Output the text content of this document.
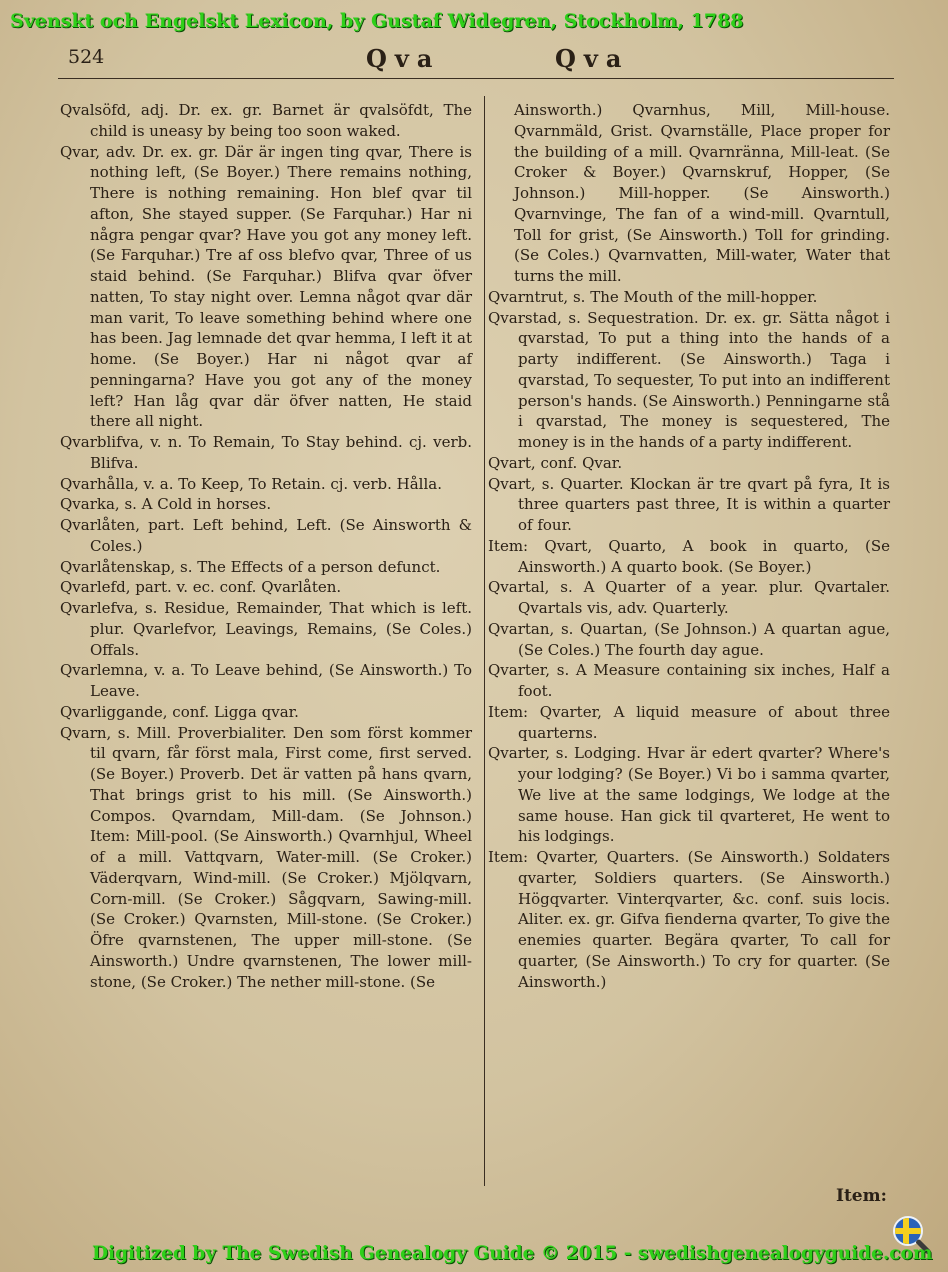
Svenskt och Engelskt Lexicon, by Gustaf Widegren, Stockholm, 1788
524	Qva	Qva

Qvalsöfd, adj. Dr. ex. gr. Barnet är qvalsöfdt, The child is uneasy by being too soon waked.

Qvar, adv. Dr. ex. gr. Där är ingen ting qvar, There is nothing left, (Se Boyer.) There remains nothing, There is nothing remaining. Hon blef qvar til afton, She stayed supper. (Se Farquhar.) Har ni några pengar qvar? Have you got any money left. (Se Farquhar.) Tre af oss blefvo qvar, Three of us staid behind. (Se Farquhar.) Blifva qvar öfver natten, To stay night over. Lemna något qvar där man varit, To leave something behind where one has been. Jag lemnade det qvar hemma, I left it at home. (Se Boyer.) Har ni något qvar af penningarna? Have you got any of the money left? Han låg qvar där öfver natten, He staid there all night.

Qvarblifva, v. n. To Remain, To Stay behind. cj. verb. Blifva.

Qvarhålla, v. a. To Keep, To Retain. cj. verb. Hålla.

Qvarka, s. A Cold in horses.

Qvarlåten, part. Left behind, Left. (Se Ainsworth & Coles.)

Qvarlåtenskap, s. The Effects of a person defunct.

Qvarlefd, part. v. ec. conf. Qvarlåten.

Qvarlefva, s. Residue, Remainder, That which is left. plur. Qvarlefvor, Leavings, Remains, (Se Coles.) Offals.

Qvarlemna, v. a. To Leave behind, (Se Ainsworth.) To Leave.

Qvarliggande, conf. Ligga qvar.

Qvarn, s. Mill. Proverbialiter. Den som först kommer til qvarn, får först mala, First come, first served. (Se Boyer.) Proverb. Det är vatten på hans qvarn, That brings grist to his mill. (Se Ainsworth.) Compos. Qvarndam, Mill-dam. (Se Johnson.) Item: Mill-pool. (Se Ainsworth.) Qvarnhjul, Wheel of a mill. Vattqvarn, Water-mill. (Se Croker.) Väderqvarn, Wind-mill. (Se Croker.) Mjölqvarn, Corn-mill. (Se Croker.) Sågqvarn, Sawing-mill. (Se Croker.) Qvarnsten, Mill-stone. (Se Croker.) Öfre qvarnstenen, The upper mill-stone. (Se Ainsworth.) Undre qvarnstenen, The lower mill-stone, (Se Croker.) The nether mill-stone. (Se

Ainsworth.) Qvarnhus, Mill, Mill-house. Qvarnmäld, Grist. Qvarnställe, Place proper for the building of a mill. Qvarnränna, Mill-leat. (Se Croker & Boyer.) Qvarnskruf, Hopper, (Se Johnson.) Mill-hopper. (Se Ainsworth.) Qvarnvinge, The fan of a wind-mill. Qvarntull, Toll for grist, (Se Ainsworth.) Toll for grinding. (Se Coles.) Qvarnvatten, Mill-water, Water that turns the mill.

Qvarntrut, s. The Mouth of the mill-hopper.

Qvarstad, s. Sequestration. Dr. ex. gr. Sätta något i qvarstad, To put a thing into the hands of a party indifferent. (Se Ainsworth.) Taga i qvarstad, To sequester, To put into an indifferent person's hands. (Se Ainsworth.) Penningarne stå i qvarstad, The money is sequestered, The money is in the hands of a party indifferent.

Qvart, conf. Qvar.

Qvart, s. Quarter. Klockan är tre qvart på fyra, It is three quarters past three, It is within a quarter of four.

Item: Qvart, Quarto, A book in quarto, (Se Ainsworth.) A quarto book. (Se Boyer.)

Qvartal, s. A Quarter of a year. plur. Qvartaler. Qvartals vis, adv. Quarterly.

Qvartan, s. Quartan, (Se Johnson.) A quartan ague, (Se Coles.) The fourth day ague.

Qvarter, s. A Measure containing six inches, Half a foot.

Item: Qvarter, A liquid measure of about three quarterns.

Qvarter, s. Lodging. Hvar är edert qvarter? Where's your lodging? (Se Boyer.) Vi bo i samma qvarter, We live at the same lodgings, We lodge at the same house. Han gick til qvarteret, He went to his lodgings.

Item: Qvarter, Quarters. (Se Ainsworth.) Soldaters qvarter, Soldiers quarters. (Se Ainsworth.) Högqvarter. Vinterqvarter, &c. conf. suis locis. Aliter. ex. gr. Gifva fienderna qvarter, To give the enemies quarter. Begära qvarter, To call for quarter, (Se Ainsworth.) To cry for quarter. (Se Ainsworth.)

Item:
Digitized by The Swedish Genealogy Guide © 2015 - swedishgenealogyguide.com
